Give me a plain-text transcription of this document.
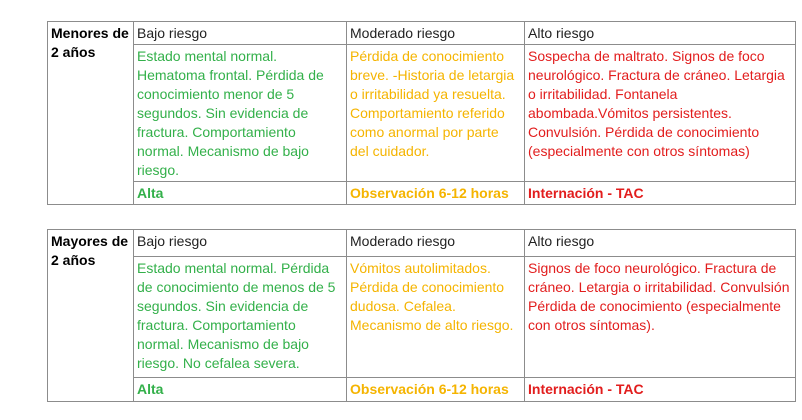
Menores de 2 años	Bajo riesgo	Moderado riesgo	Alto riesgo
	Estado mental normal. Hematoma frontal. Pérdida de conocimiento menor de 5 segundos. Sin evidencia de fractura. Comportamiento normal. Mecanismo de bajo riesgo.	Pérdida de conocimiento breve. -Historia de letargia o irritabilidad ya resuelta. Comportamiento referido como anormal por parte del cuidador.	Sospecha de maltrato. Signos de foco neurológico. Fractura de cráneo. Letargia o irritabilidad. Fontanela abombada.Vómitos persistentes. Convulsión. Pérdida de conocimiento (especialmente con otros síntomas)
	Alta	Observación 6-12 horas	Internación - TAC
Mayores de 2 años	Bajo riesgo	Moderado riesgo	Alto riesgo
	Estado mental normal. Pérdida de conocimiento de menos de 5 segundos. Sin evidencia de fractura. Comportamiento normal. Mecanismo de bajo riesgo. No cefalea severa.	Vómitos autolimitados. Pérdida de conocimiento dudosa. Cefalea. Mecanismo de alto riesgo.	Signos de foco neurológico. Fractura de cráneo. Letargia o irritabilidad. Convulsión Pérdida de conocimiento (especialmente con otros síntomas).
	Alta	Observación 6-12 horas	Internación - TAC
